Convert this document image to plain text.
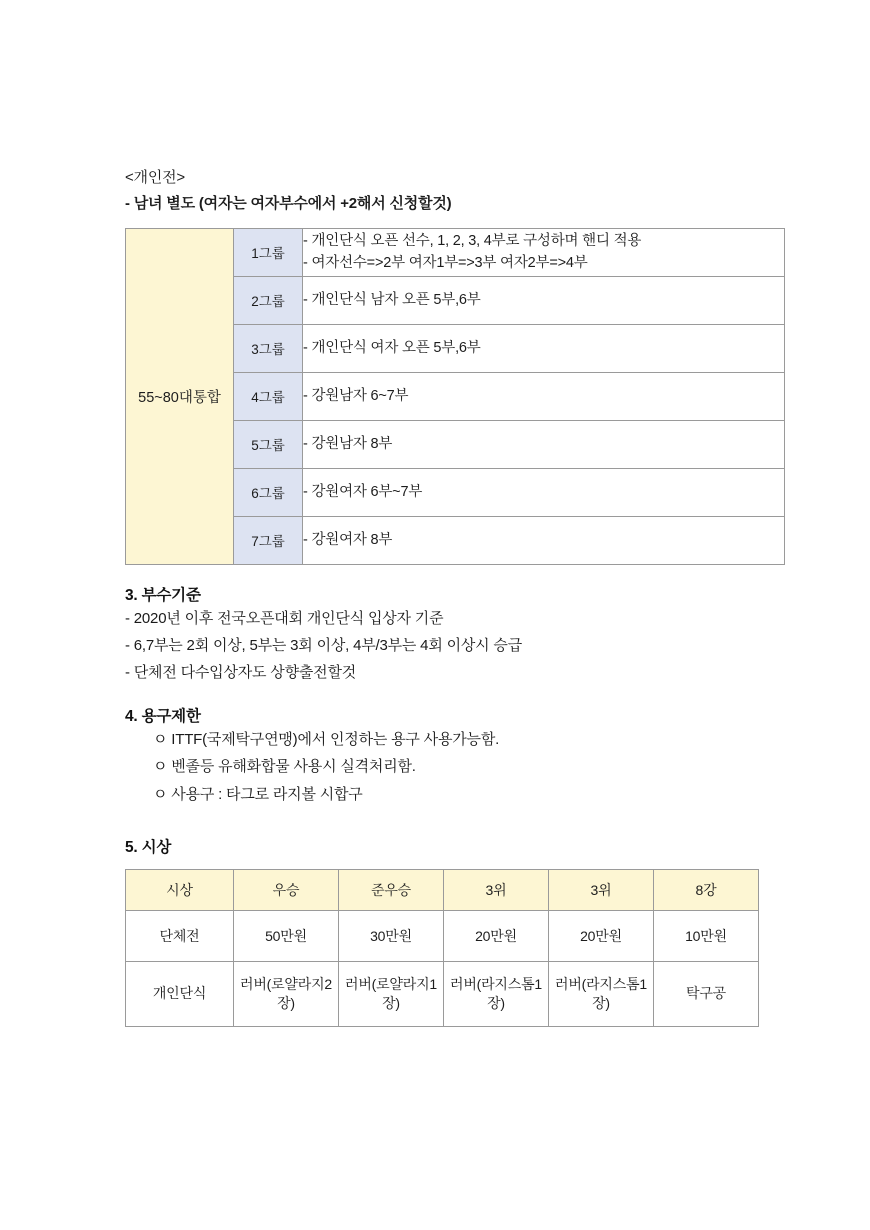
<개인전>
- 남녀 별도 (여자는 여자부수에서 +2해서 신청할것)
55~80대통합	1그룹	- 개인단식 오픈 선수, 1, 2, 3, 4부로 구성하며 핸디 적용
- 여자선수=>2부 여자1부=>3부 여자2부=>4부

	2그룹	- 개인단식 남자 오픈 5부,6부

	3그룹	- 개인단식 여자 오픈 5부,6부

	4그룹	- 강원남자 6~7부

	5그룹	- 강원남자 8부

	6그룹	- 강원여자 6부~7부

	7그룹	- 강원여자 8부
3. 부수기준
- 2020년 이후 전국오픈대회 개인단식 입상자 기준
- 6,7부는 2회 이상, 5부는 3회 이상, 4부/3부는 4회 이상시 승급
- 단체전 다수입상자도 상향출전할것
4. 용구제한
ㅇ ITTF(국제탁구연맹)에서 인정하는 용구 사용가능함.
ㅇ 벤졸등 유해화합물 사용시 실격처리함.
ㅇ 사용구 : 타그로 라지볼 시합구
5. 시상
시상	우승	준우승	3위	3위	8강
단체전	50만원	30만원	20만원	20만원	10만원
개인단식	러버(로얄라지2장)	러버(로얄라지1장)	러버(라지스톰1장)	러버(라지스톰1장)	탁구공
